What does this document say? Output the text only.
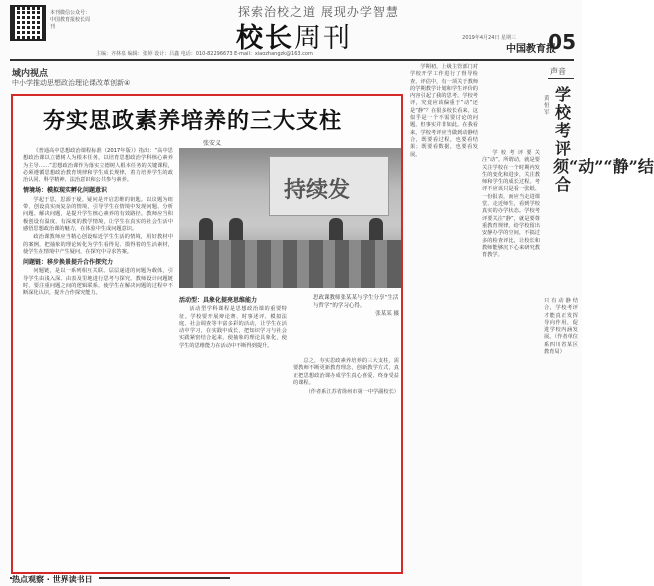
本刊微信公众号：中国教育报校长周刊
探索治校之道 展现办学智慧
校长周刊
主编：齐林泉 编辑：张婷 设计：吕鑫 电话：010-82296673 E-mail：xiaozhangzk@163.com
2019年4月24日 星期三
中国教育报
05
域内视点
中小学推动思想政治理论课改革创新④
夯实思政素养培养的三大支柱
张安义
持续发
思政课教师张某某与学生分享“生活与哲学”的学习心得。
张某某 摄

《普通高中思想政治课程标准（2017年版）》指出：“高中思想政治课以立德树人为根本任务，以培育思想政治学科核心素养为主导……”思想政治课作为落实立德树人根本任务的关键课程，必须遵循思想政治教育规律和学生成长规律，着力培养学生的政治认同、科学精神、法治意识和公共参与素养。

情境场：模拟现实孵化问题意识

学起于思，思源于疑。疑问是开启思维的钥匙。以议题为纽带，创设真实而复杂的情境，引导学生在情境中发现问题、分析问题、解决问题，是提升学生核心素养的有效路径。教师应当积极创设有温度、有深度的教学情境，让学生在真实的社会生活中感悟思想政治课的魅力，在体验中生成问题意识。

政治课教师应当精心创设贴近学生生活的情境，用好教材中的案例，把抽象的理论转化为学生看得见、摸得着的生活素材，使学生在情境中产生疑问，在探究中寻求答案。

问题链：移步换景提升合作探究力

问题链，是以一系列相互关联、层层递进的问题为载体，引导学生由浅入深、由表及里地进行思考与探究。教师设计问题链时，要注重问题之间的逻辑联系，使学生在解决问题的过程中不断深化认识，提升合作探究能力。

活动型：具象化提亮思维能力

活动型学科课程是思想政治课的重要特征。学校要开展辩论赛、时事述评、模拟法庭、社会调查等丰富多彩的活动，让学生在活动中学习，在实践中成长，把知识学习与社会实践紧密结合起来，使抽象的理论具象化，使学生的思维能力在活动中不断得到提升。

总之，夯实思政素养培养的三大支柱，需要教师不断更新教育理念，创新教学方式，真正把思想政治课办成学生真心喜爱、终身受益的课程。

（作者系江苏省徐州市第一中学副校长）

学期初，上级主管部门对学校开学工作进行了督导检查，评估中，有一项关于教师的学期教学计划和学生评价的内容引起了我的思考。学校考评，究竟应该偏重于“动”还是“静”？在很多校长看来，这似乎是一个不需要讨论的问题，但事实并非如此。在我看来，学校考评应当做到动静结合，既要看过程，也要看结果；既要看数据，也要看发展。	学校考评要关注“动”。所谓动，就是要关注学校在一个时期内发生的变化和进步，关注教师和学生的成长过程。考评不应该只是看一张纸、一份报表，而应当走进课堂、走近师生，看到学校真实的办学状态。学校考评要关注“静”，就是要尊重教育规律，给学校留出安静办学的空间，不搞过多的检查评比，让校长和教师能够沉下心来研究教育教学。

声音
学校考评须“动”“静”结合
黄恒军
只有动静结合，学校考评才能真正发挥导向作用，促进学校内涵发展。（作者单位系四川省某区教育局）
热点观察 · 世界读书日
